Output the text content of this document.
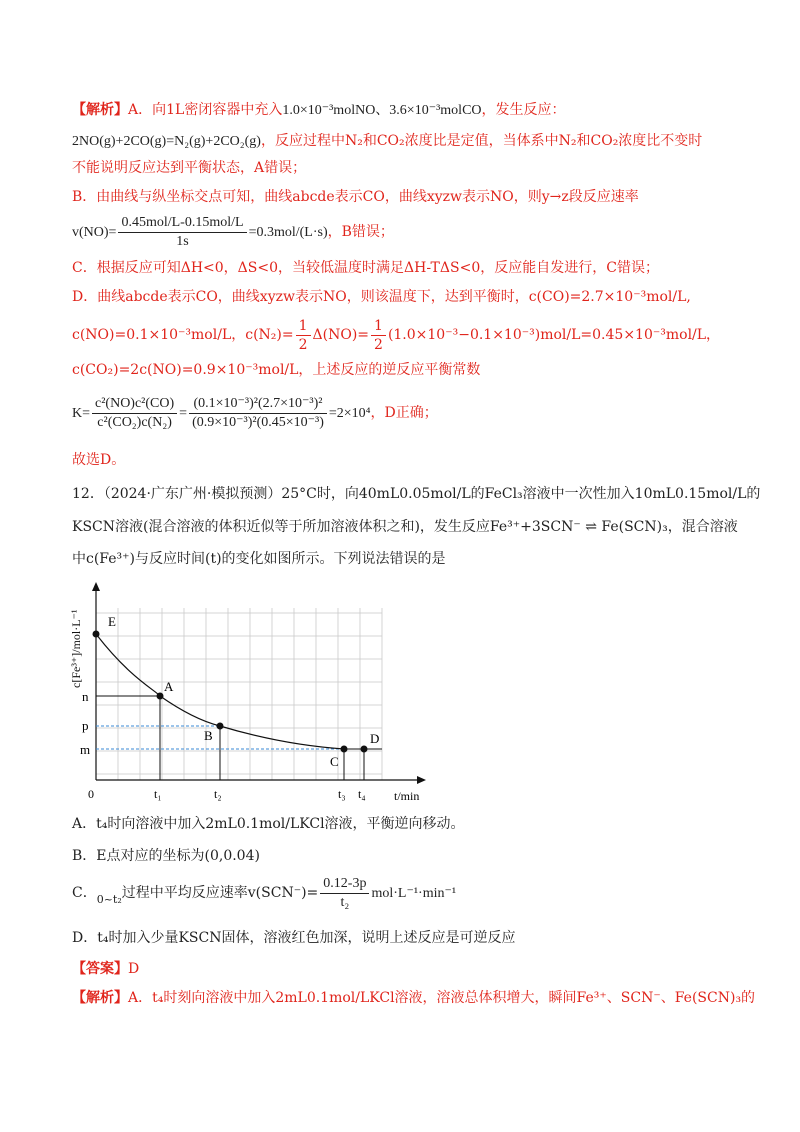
【解析】A．向1L密闭容器中充入1.0×10⁻³molNO、3.6×10⁻³molCO，发生反应：
2NO(g)+2CO(g)=N₂(g)+2CO₂(g)，反应过程中N₂和CO₂浓度比是定值，当体系中N₂和CO₂浓度比不变时
不能说明反应达到平衡状态，A错误；
B．由曲线与纵坐标交点可知，曲线abcde表示CO，曲线xyzw表示NO，则y→z段反应速率
$v(NO)= \frac{\text{0.45mol/L-0.15mol/L}}{1s} =0.3mol/(L\cdot s)$，B错误；
C．根据反应可知ΔH<0，ΔS<0，当较低温度时满足ΔH-TΔS<0，反应能自发进行，C错误；
D．曲线abcde表示CO，曲线xyzw表示NO，则该温度下，达到平衡时，c(CO)=2.7×10⁻³mol/L,
c(NO)=0.1×10⁻³mol/L，$c(N_2)= \frac{1}{2} \Delta(NO)= \frac{1}{2} (1.0\times 10^{-3}-0.1\times 10^{-3})mol/L=0.45\times 10^{-3}mol/L$，
c(CO₂)=2c(NO)=0.9×10⁻³mol/L，上述反应的逆反应平衡常数
$K= \frac{\text{c²(NO)c²(CO)}}{\text{c²(CO₂)c(N₂)}} = \frac{\text{(0.1×10⁻³)²(2.7×10⁻³)²}}{\text{(0.9×10⁻³)²(0.45×10⁻³)}} =2\times 10^4$，D正确；
故选D。
12．（2024·广东广州·模拟预测）25°C时，向40mL0.05mol/L的FeCl₃溶液中一次性加入10mL0.15mol/L的
KSCN溶液(混合溶液的体积近似等于所加溶液体积之和)，发生反应Fe³⁺+3SCN⁻ ⇌ Fe(SCN)₃，混合溶液
中c(Fe³⁺)与反应时间(t)的变化如图所示。下列说法错误的是
c[Fe³⁺]/mol·L⁻¹ E
A
B
C
D
n
p
m
0	t₁	t₂	t₃ t₄ t/min
A．t₄时向溶液中加入2mL0.1mol/LKCl溶液，平衡逆向移动。
B．E点对应的坐标为(0,0.04)
C．$_{0\sim t_2}$过程中平均反应速率$v(SCN^-)= \frac{0.12-3p}{\text{t₂}} mol\cdot L^{-1}\cdot\min^{-1}$
D．t₄时加入少量KSCN固体，溶液红色加深，说明上述反应是可逆反应
【答案】D
【解析】A．t₄时刻向溶液中加入2mL0.1mol/LKCl溶液，溶液总体积增大，瞬间Fe³⁺、SCN⁻、Fe(SCN)₃的
